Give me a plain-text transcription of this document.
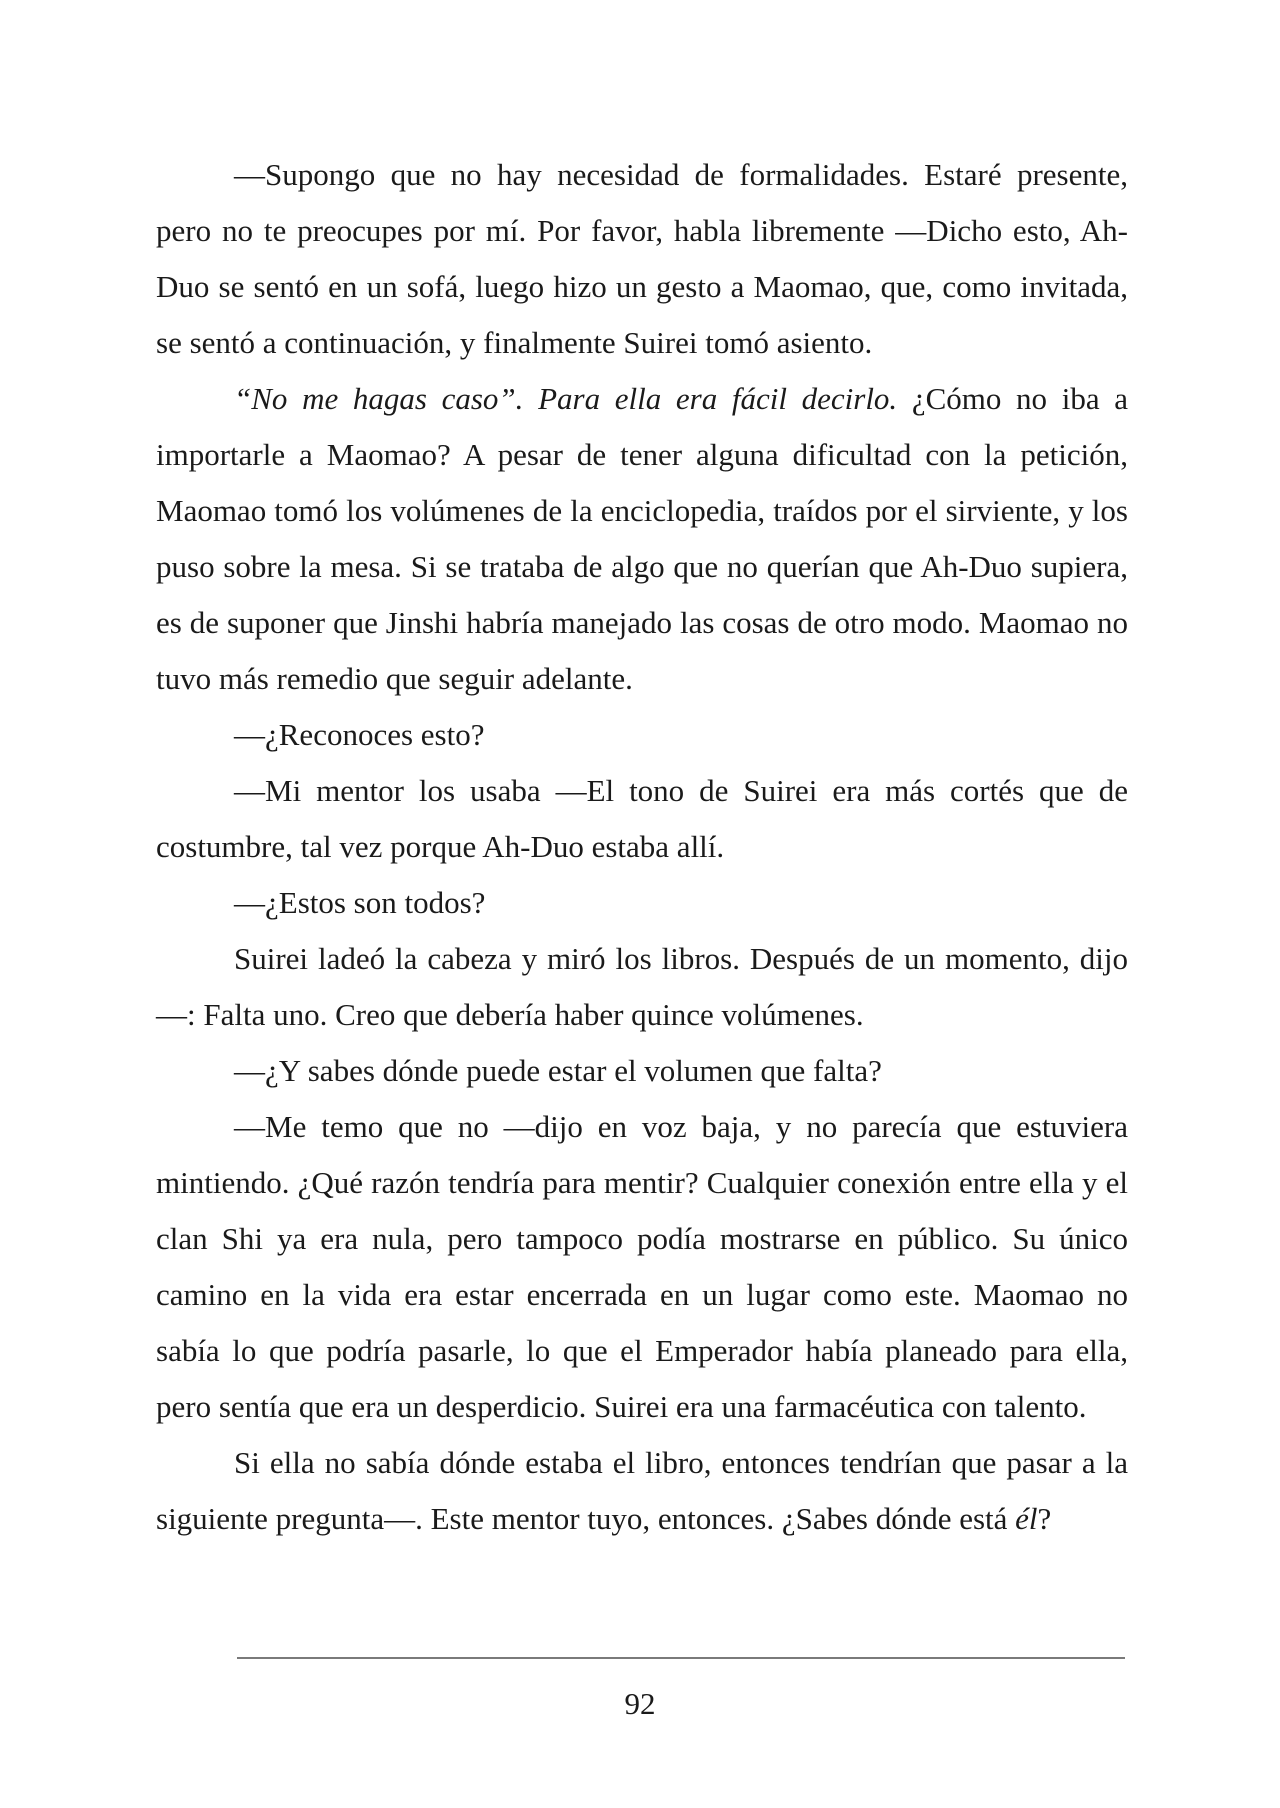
—Supongo que no hay necesidad de formalidades. Estaré presente, pero no te preocupes por mí. Por favor, habla libremente —Dicho esto, Ah-Duo se sentó en un sofá, luego hizo un gesto a Maomao, que, como invitada, se sentó a continuación, y finalmente Suirei tomó asiento.

“No me hagas caso”. Para ella era fácil decirlo. ¿Cómo no iba a importarle a Maomao? A pesar de tener alguna dificultad con la petición, Maomao tomó los volúmenes de la enciclopedia, traídos por el sirviente, y los puso sobre la mesa. Si se trataba de algo que no querían que Ah-Duo supiera, es de suponer que Jinshi habría manejado las cosas de otro modo. Maomao no tuvo más remedio que seguir adelante.

—¿Reconoces esto?

—Mi mentor los usaba —El tono de Suirei era más cortés que de costumbre, tal vez porque Ah-Duo estaba allí.

—¿Estos son todos?

Suirei ladeó la cabeza y miró los libros. Después de un momento, dijo—: Falta uno. Creo que debería haber quince volúmenes.

—¿Y sabes dónde puede estar el volumen que falta?

—Me temo que no —dijo en voz baja, y no parecía que estuviera mintiendo. ¿Qué razón tendría para mentir? Cualquier conexión entre ella y el clan Shi ya era nula, pero tampoco podía mostrarse en público. Su único camino en la vida era estar encerrada en un lugar como este. Maomao no sabía lo que podría pasarle, lo que el Emperador había planeado para ella, pero sentía que era un desperdicio. Suirei era una farmacéutica con talento.

Si ella no sabía dónde estaba el libro, entonces tendrían que pasar a la siguiente pregunta—. Este mentor tuyo, entonces. ¿Sabes dónde está él?

92
